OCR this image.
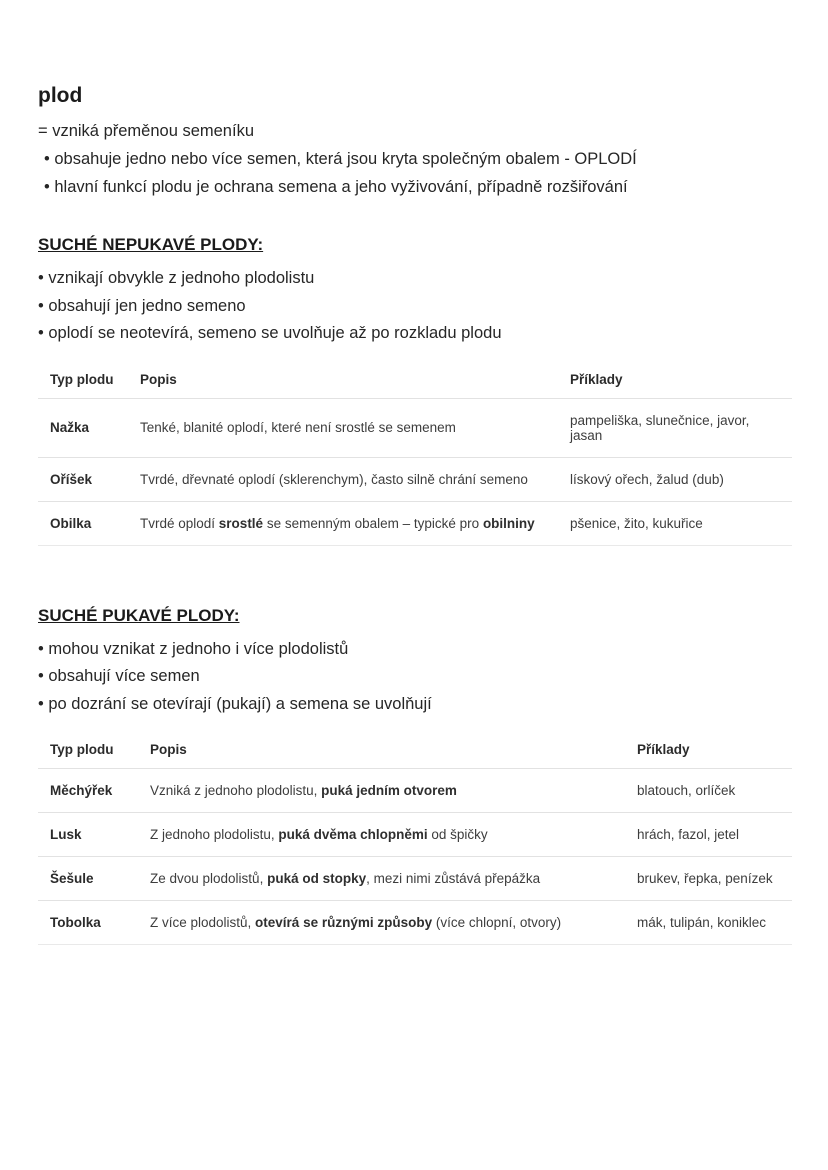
plod

= vzniká přeměnou semeníku

• obsahuje jedno nebo více semen, která jsou kryta společným obalem - OPLODÍ

• hlavní funkcí plodu je ochrana semena a jeho vyživování, případně rozšiřování

SUCHÉ NEPUKAVÉ PLODY:

• vznikají obvykle z jednoho plodolistu

• obsahují jen jedno semeno

• oplodí se neotevírá, semeno se uvolňuje až po rozkladu plodu

Typ plodu	Popis	Příklady
Nažka	Tenké, blanité oplodí, které není srostlé se semenem	pampeliška, slunečnice, javor, jasan
Oříšek	Tvrdé, dřevnaté oplodí (sklerenchym), často silně chrání semeno	lískový ořech, žalud (dub)
Obilka	Tvrdé oplodí srostlé se semenným obalem – typické pro obilniny	pšenice, žito, kukuřice
SUCHÉ PUKAVÉ PLODY:

• mohou vznikat z jednoho i více plodolistů

• obsahují více semen

• po dozrání se otevírají (pukají) a semena se uvolňují

Typ plodu	Popis	Příklady
Měchýřek	Vzniká z jednoho plodolistu, puká jedním otvorem	blatouch, orlíček
Lusk	Z jednoho plodolistu, puká dvěma chlopněmi od špičky	hrách, fazol, jetel
Šešule	Ze dvou plodolistů, puká od stopky, mezi nimi zůstává přepážka	brukev, řepka, penízek
Tobolka	Z více plodolistů, otevírá se různými způsoby (více chlopní, otvory)	mák, tulipán, koniklec
